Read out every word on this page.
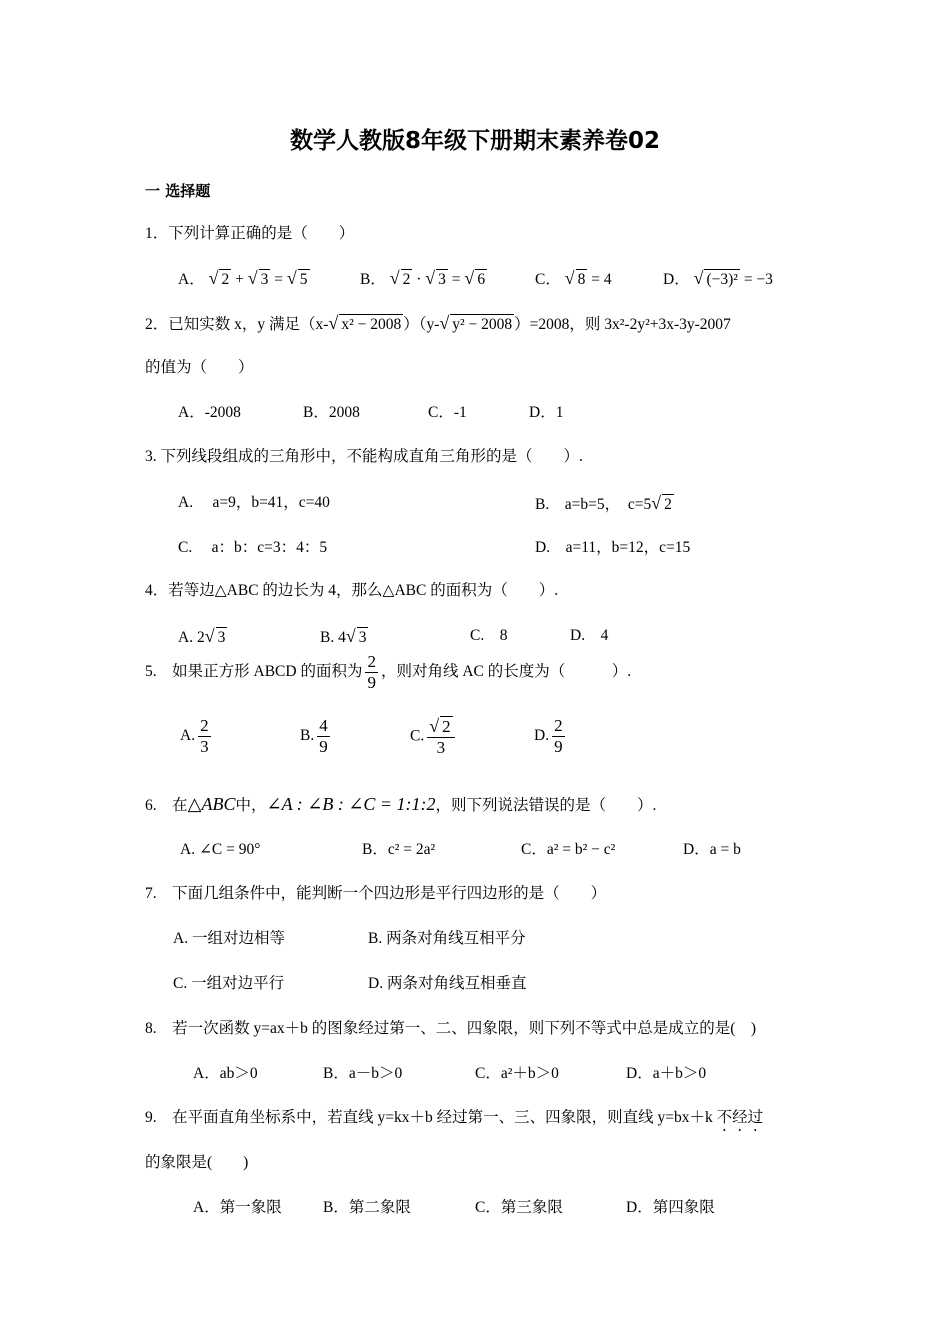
数学人教版8年级下册期末素养卷02
一 选择题
1．下列计算正确的是（　　）
A． √ 2 + √ 3 = √ 5	B． √ 2 · √ 3 = √ 6	C． √ 8 = 4	D． √ (−3)² = −3
2．已知实数 x，y 满足（x-√ x² − 2008 ）（y-√ y² − 2008 ）=2008，则 3x²-2y²+3x-3y-2007
的值为（　　）
A．-2008	B．2008	C．-1	D．1
3. 下列线段组成的三角形中，不能构成直角三角形的是（　　）.
A.　 a=9，b=41，c=40	B.　a=b=5，　c=5√ 2
C.　 a：b：c=3：4：5	D.　a=11，b=12，c=15
4．若等边△ABC 的边长为 4，那么△ABC 的面积为（　　）.
A. 2√ 3	B. 4√ 3	C.　8	D.　4
5.　如果正方形 ABCD 的面积为 $\frac{2}{9}$ ，则对角线 AC 的长度为（　　　）.
A. $\frac{2}{3}$	B. $\frac{4}{9}$	C. $\frac{√ 2}{3}$	D. $\frac{2}{9}$
6.　在△ABC中，∠A : ∠B : ∠C = 1:1:2，则下列说法错误的是（　　）.
A. ∠C = 90°	B．c² = 2a²	C．a² = b² − c²	D．a = b
7.　下面几组条件中，能判断一个四边形是平行四边形的是（　　）
A. 一组对边相等	B. 两条对角线互相平分
C. 一组对边平行	D. 两条对角线互相垂直
8.　若一次函数 y=ax＋b 的图象经过第一、二、四象限，则下列不等式中总是成立的是(　)
A．ab＞0	B．a－b＞0	C．a²＋b＞0	D．a＋b＞0
9.　在平面直角坐标系中，若直线 y=kx＋b 经过第一、三、四象限，则直线 y=bx＋k 不经过
的象限是(　　)
A．第一象限	B．第二象限	C．第三象限	D．第四象限
